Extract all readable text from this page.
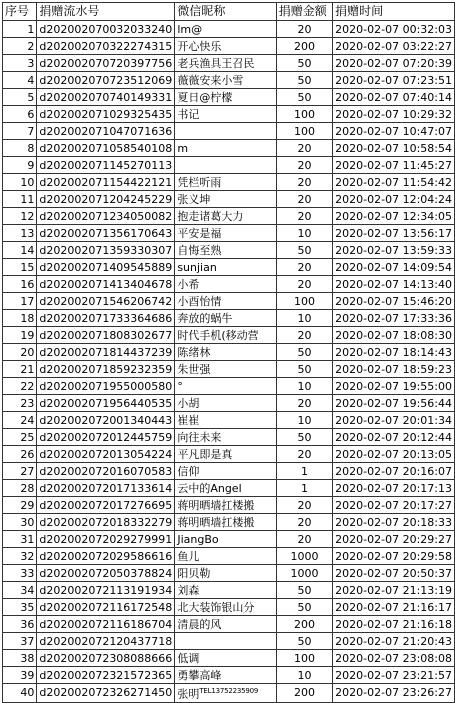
序号	捐赠流水号	微信昵称	捐赠金额	捐赠时间
1	d202002070032033240	lm@	20	2020-02-07 00:32:03
2	d202002070322274315	开心快乐	200	2020-02-07 03:22:27
3	d202002070720397756	老兵渔具王召民	50	2020-02-07 07:20:39
4	d202002070723512069	薇薇安来小雪	50	2020-02-07 07:23:51
5	d202002070740149331	夏日@柠檬	50	2020-02-07 07:40:14
6	d202002071029325435	书记	100	2020-02-07 10:29:32
7	d202002071047071636		100	2020-02-07 10:47:07
8	d202002071058540108	m	20	2020-02-07 10:58:54
9	d202002071145270113		20	2020-02-07 11:45:27
10	d202002071154422121	凭栏听雨	20	2020-02-07 11:54:42
11	d202002071204245229	张义坤	20	2020-02-07 12:04:24
12	d202002071234050082	抱走诸葛大力	20	2020-02-07 12:34:05
13	d202002071356170643	平安是福	10	2020-02-07 13:56:17
14	d202002071359330307	自悔至熟	50	2020-02-07 13:59:33
15	d202002071409545889	sunjian	20	2020-02-07 14:09:54
16	d202002071413404678	小希	20	2020-02-07 14:13:40
17	d202002071546206742	小酉怡情	100	2020-02-07 15:46:20
18	d202002071733364686	奔放的蜗牛	10	2020-02-07 17:33:36
19	d202002071808302677	时代手机(移动营	20	2020-02-07 18:08:30
20	d202002071814437239	陈绪林	50	2020-02-07 18:14:43
21	d202002071859232359	朱世强	50	2020-02-07 18:59:23
22	d202002071955000580	°	10	2020-02-07 19:55:00
23	d202002071956440535	小胡	20	2020-02-07 19:56:44
24	d202002072001340443	崔崔	10	2020-02-07 20:01:34
25	d202002072012445759	向往未来	50	2020-02-07 20:12:44
26	d202002072013054224	平凡即是真	20	2020-02-07 20:13:05
27	d202002072016070583	信仰	1	2020-02-07 20:16:07
28	d202002072017133614	云中的Angel	1	2020-02-07 20:17:13
29	d202002072017276695	蒋明晒墙扛楼搬	20	2020-02-07 20:17:27
30	d202002072018332279	蒋明晒墙扛楼搬	20	2020-02-07 20:18:33
31	d202002072029279991	JiangBo	20	2020-02-07 20:29:27
32	d202002072029586616	鱼儿	1000	2020-02-07 20:29:58
33	d202002072050378824	阳贝勒	1000	2020-02-07 20:50:37
34	d202002072113191934	刘森	50	2020-02-07 21:13:19
35	d202002072116172548	北大装饰银山分	50	2020-02-07 21:16:17
36	d202002072116186704	清晨的风	200	2020-02-07 21:16:18
37	d202002072120437718		50	2020-02-07 21:20:43
38	d202002072308088666	低调	100	2020-02-07 23:08:08
39	d202002072321572365	勇攀高峰	10	2020-02-07 23:21:57
40	d202002072326271450	张明$^{TEL13752235909}$	200	2020-02-07 23:26:27
